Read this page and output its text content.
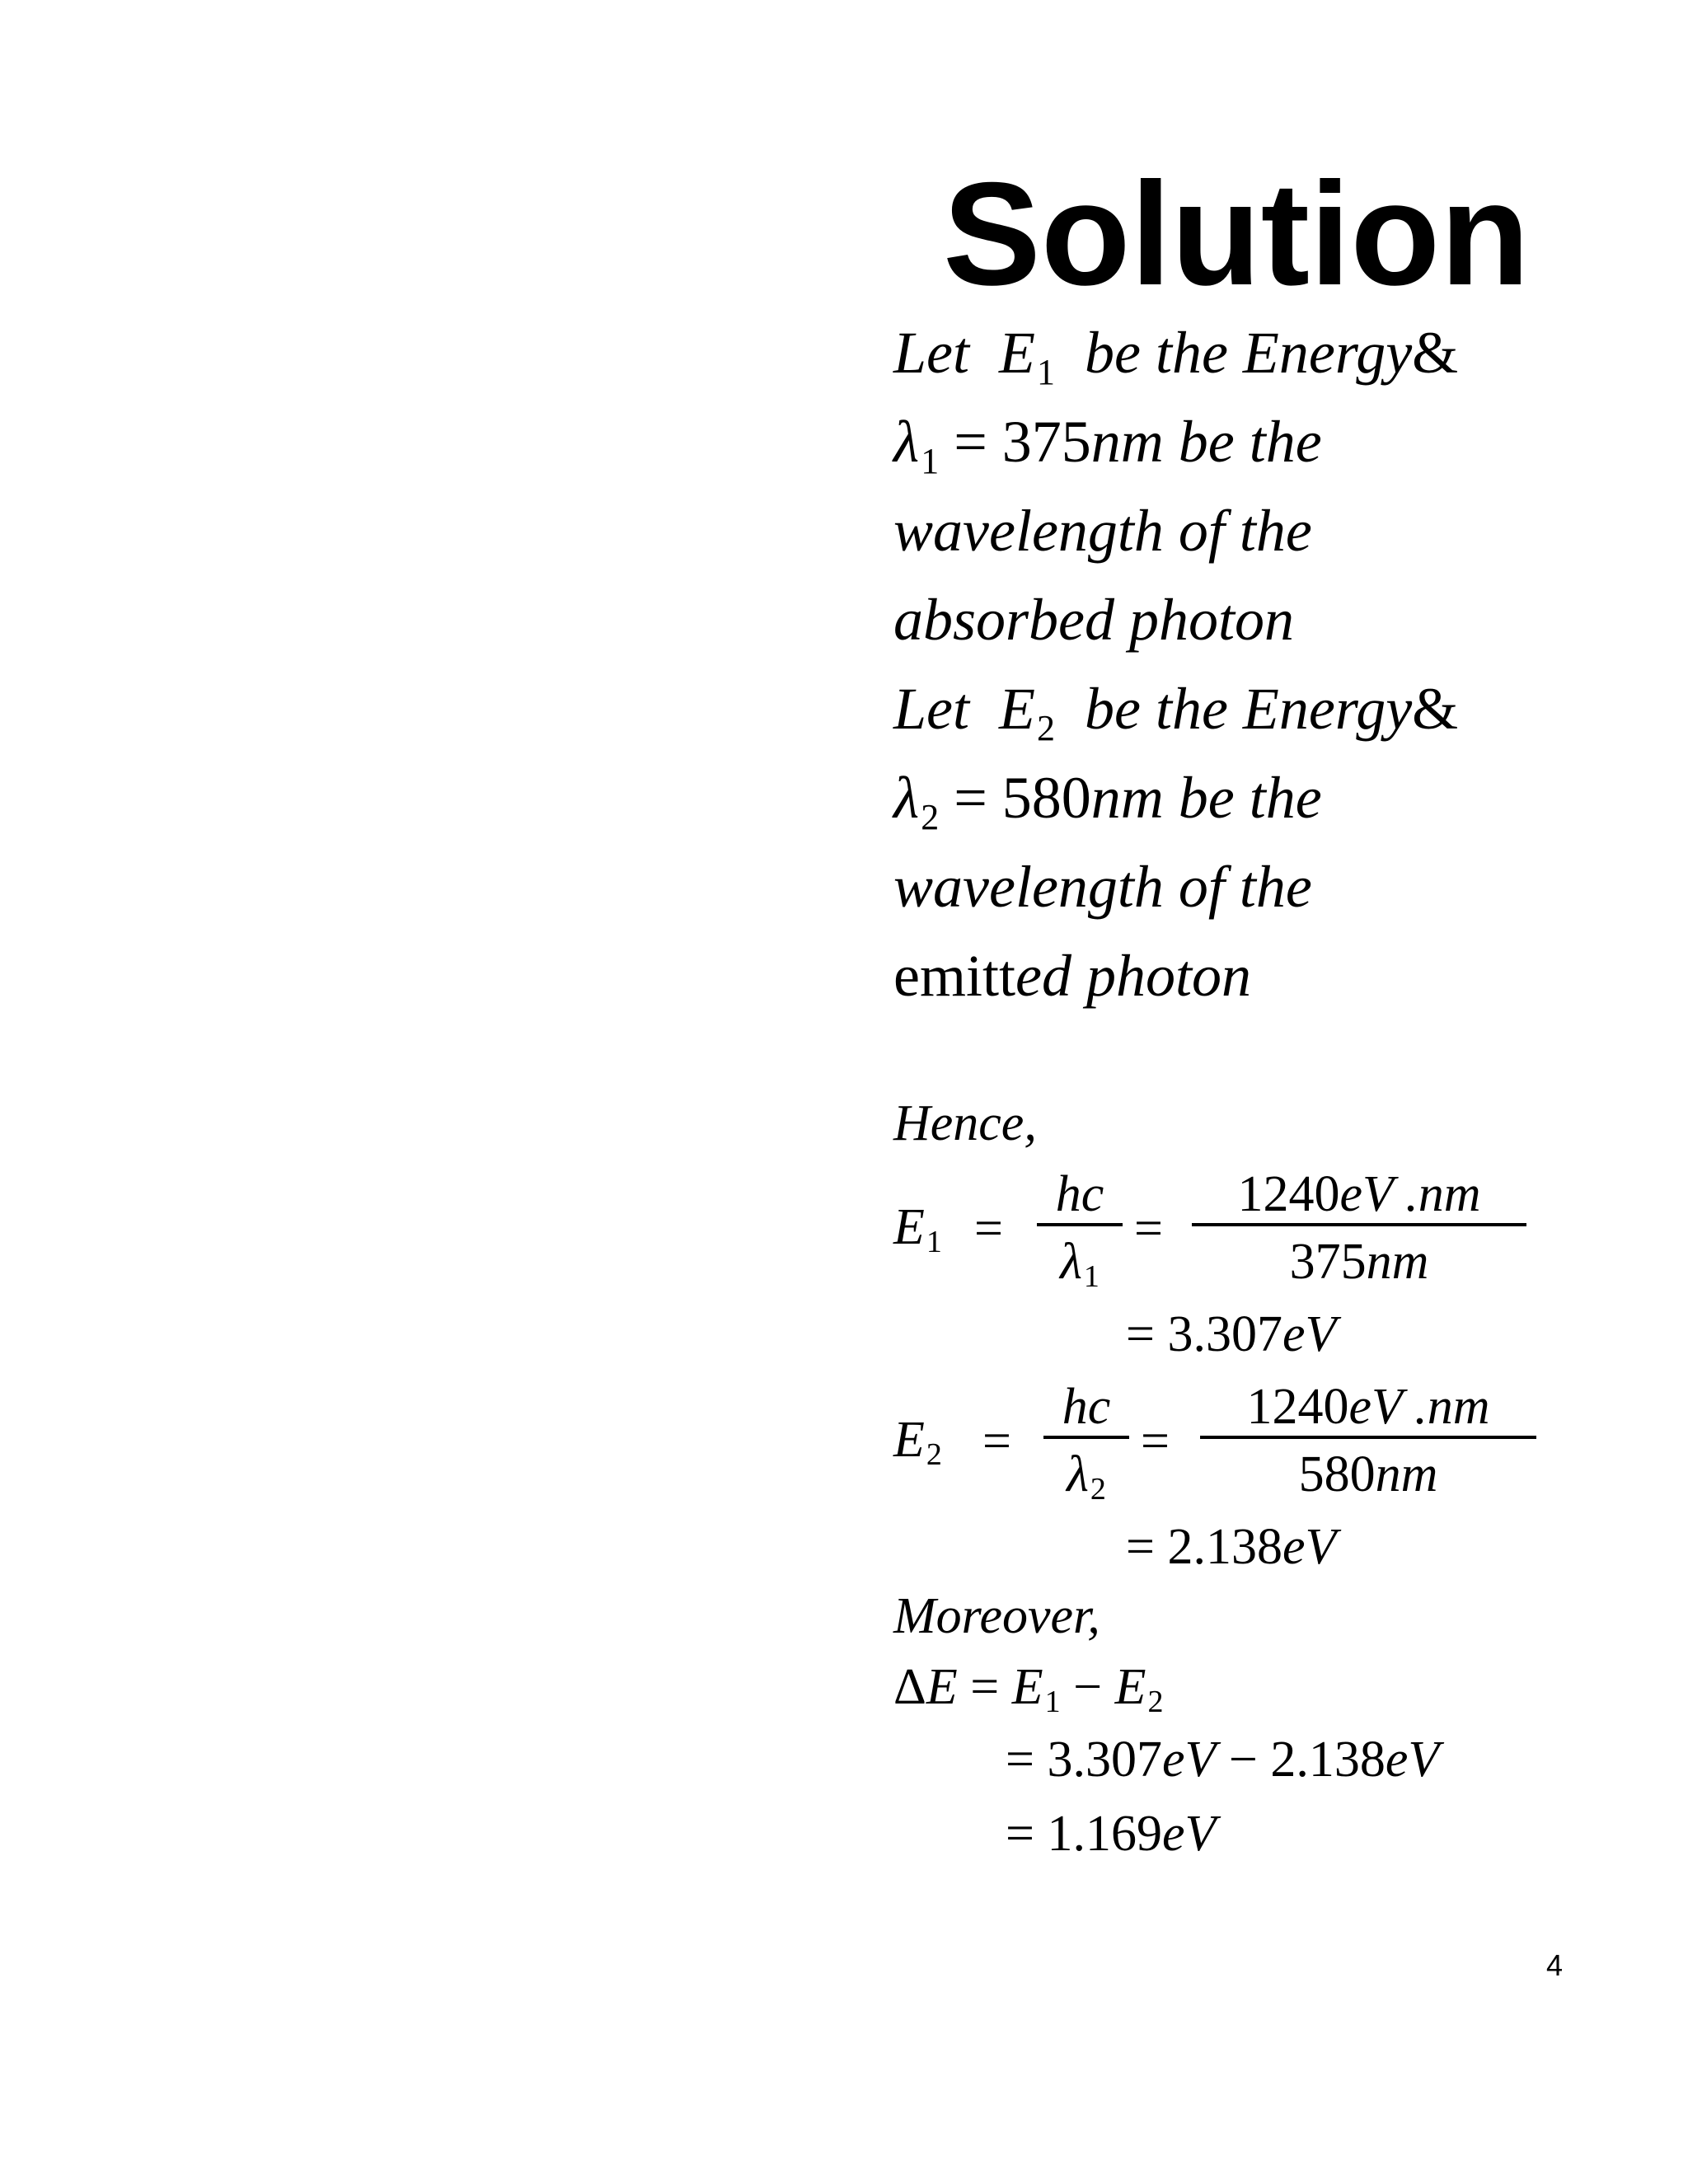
Solution
Let E1 be the Energy&
λ1 = 375nm be the
wavelength of the
absorbed photon
Let E2 be the Energy&
λ2 = 580nm be the
wavelength of the
emitted photon
Hence,
E1 =
hc
λ1
=
1240eV .nm
375nm
= 3.307eV
E2 =
hc
λ2
=
1240eV .nm
580nm
= 2.138eV
Moreover,
ΔE = E1 − E2
= 3.307eV − 2.138eV
= 1.169eV
4
